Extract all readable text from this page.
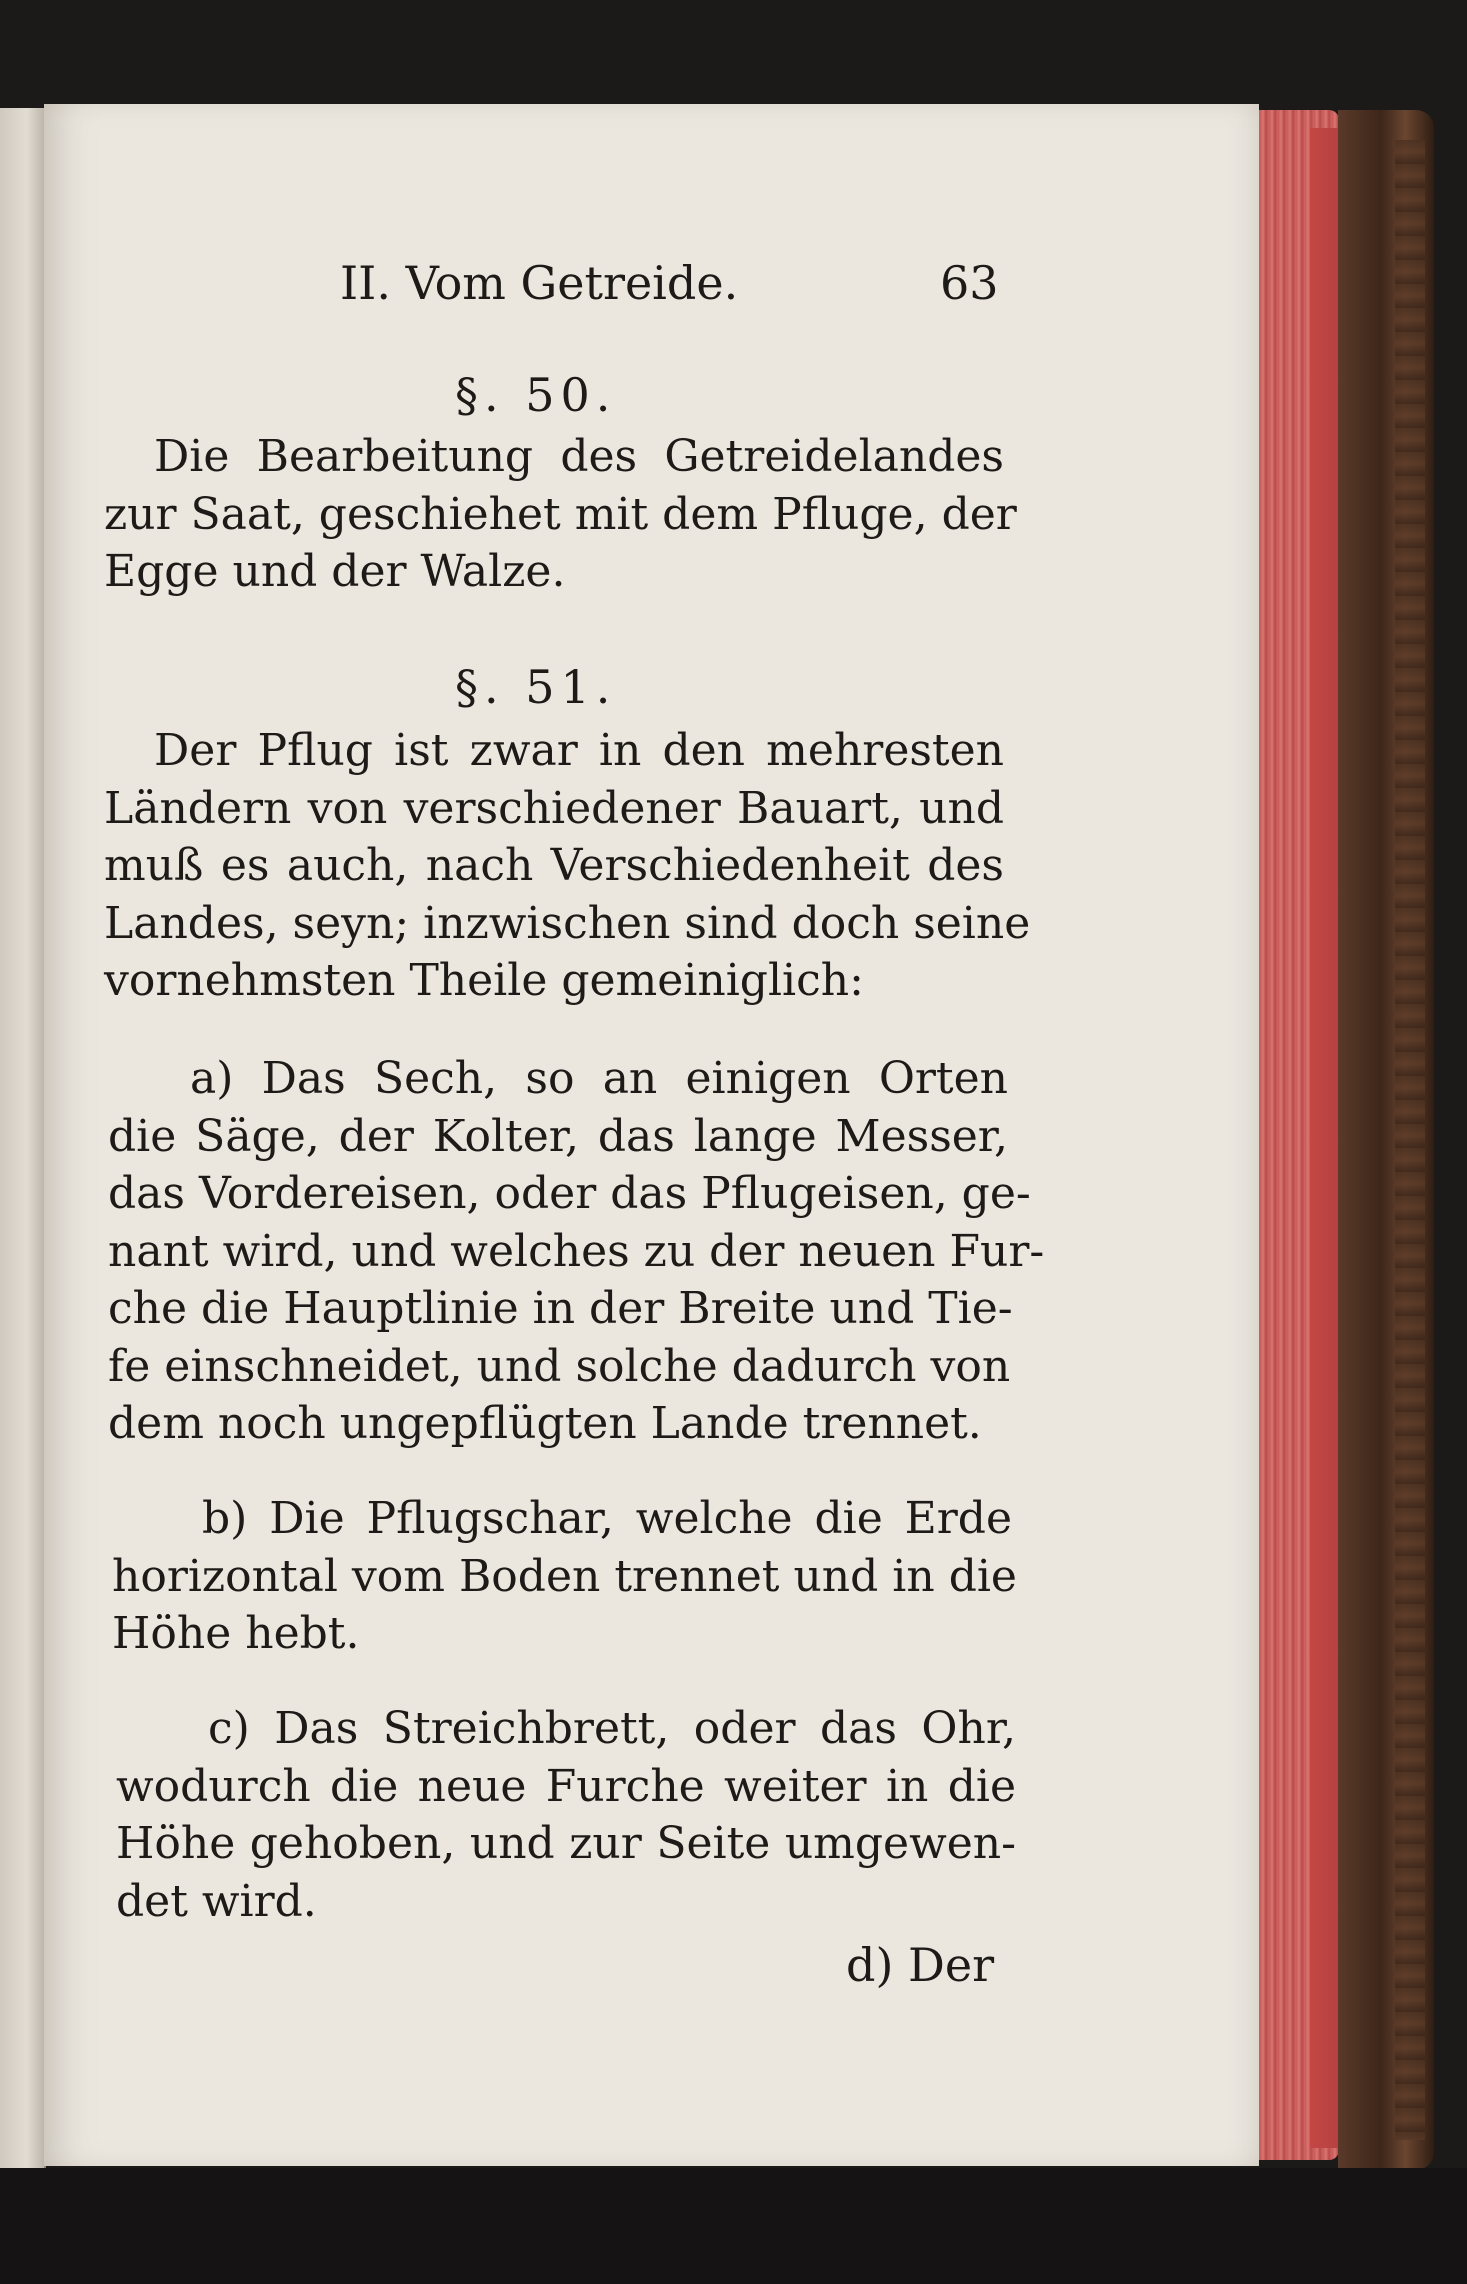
II. Vom Getreide.	63
§. 50.
Die Bearbeitung des Getreidelandes
zur Saat, geschiehet mit dem Pfluge, der
Egge und der Walze.
§. 51.
Der Pflug ist zwar in den mehresten
Ländern von verschiedener Bauart, und
muß es auch, nach Verschiedenheit des
Landes, seyn; inzwischen sind doch seine
vornehmsten Theile gemeiniglich:
a) Das Sech, so an einigen Orten
die Säge, der Kolter, das lange Messer,
das Vordereisen, oder das Pflugeisen, ge-
nant wird, und welches zu der neuen Fur-
che die Hauptlinie in der Breite und Tie-
fe einschneidet, und solche dadurch von
dem noch ungepflügten Lande trennet.
b) Die Pflugschar, welche die Erde
horizontal vom Boden trennet und in die
Höhe hebt.
c) Das Streichbrett, oder das Ohr,
wodurch die neue Furche weiter in die
Höhe gehoben, und zur Seite umgewen-
det wird.
d) Der
